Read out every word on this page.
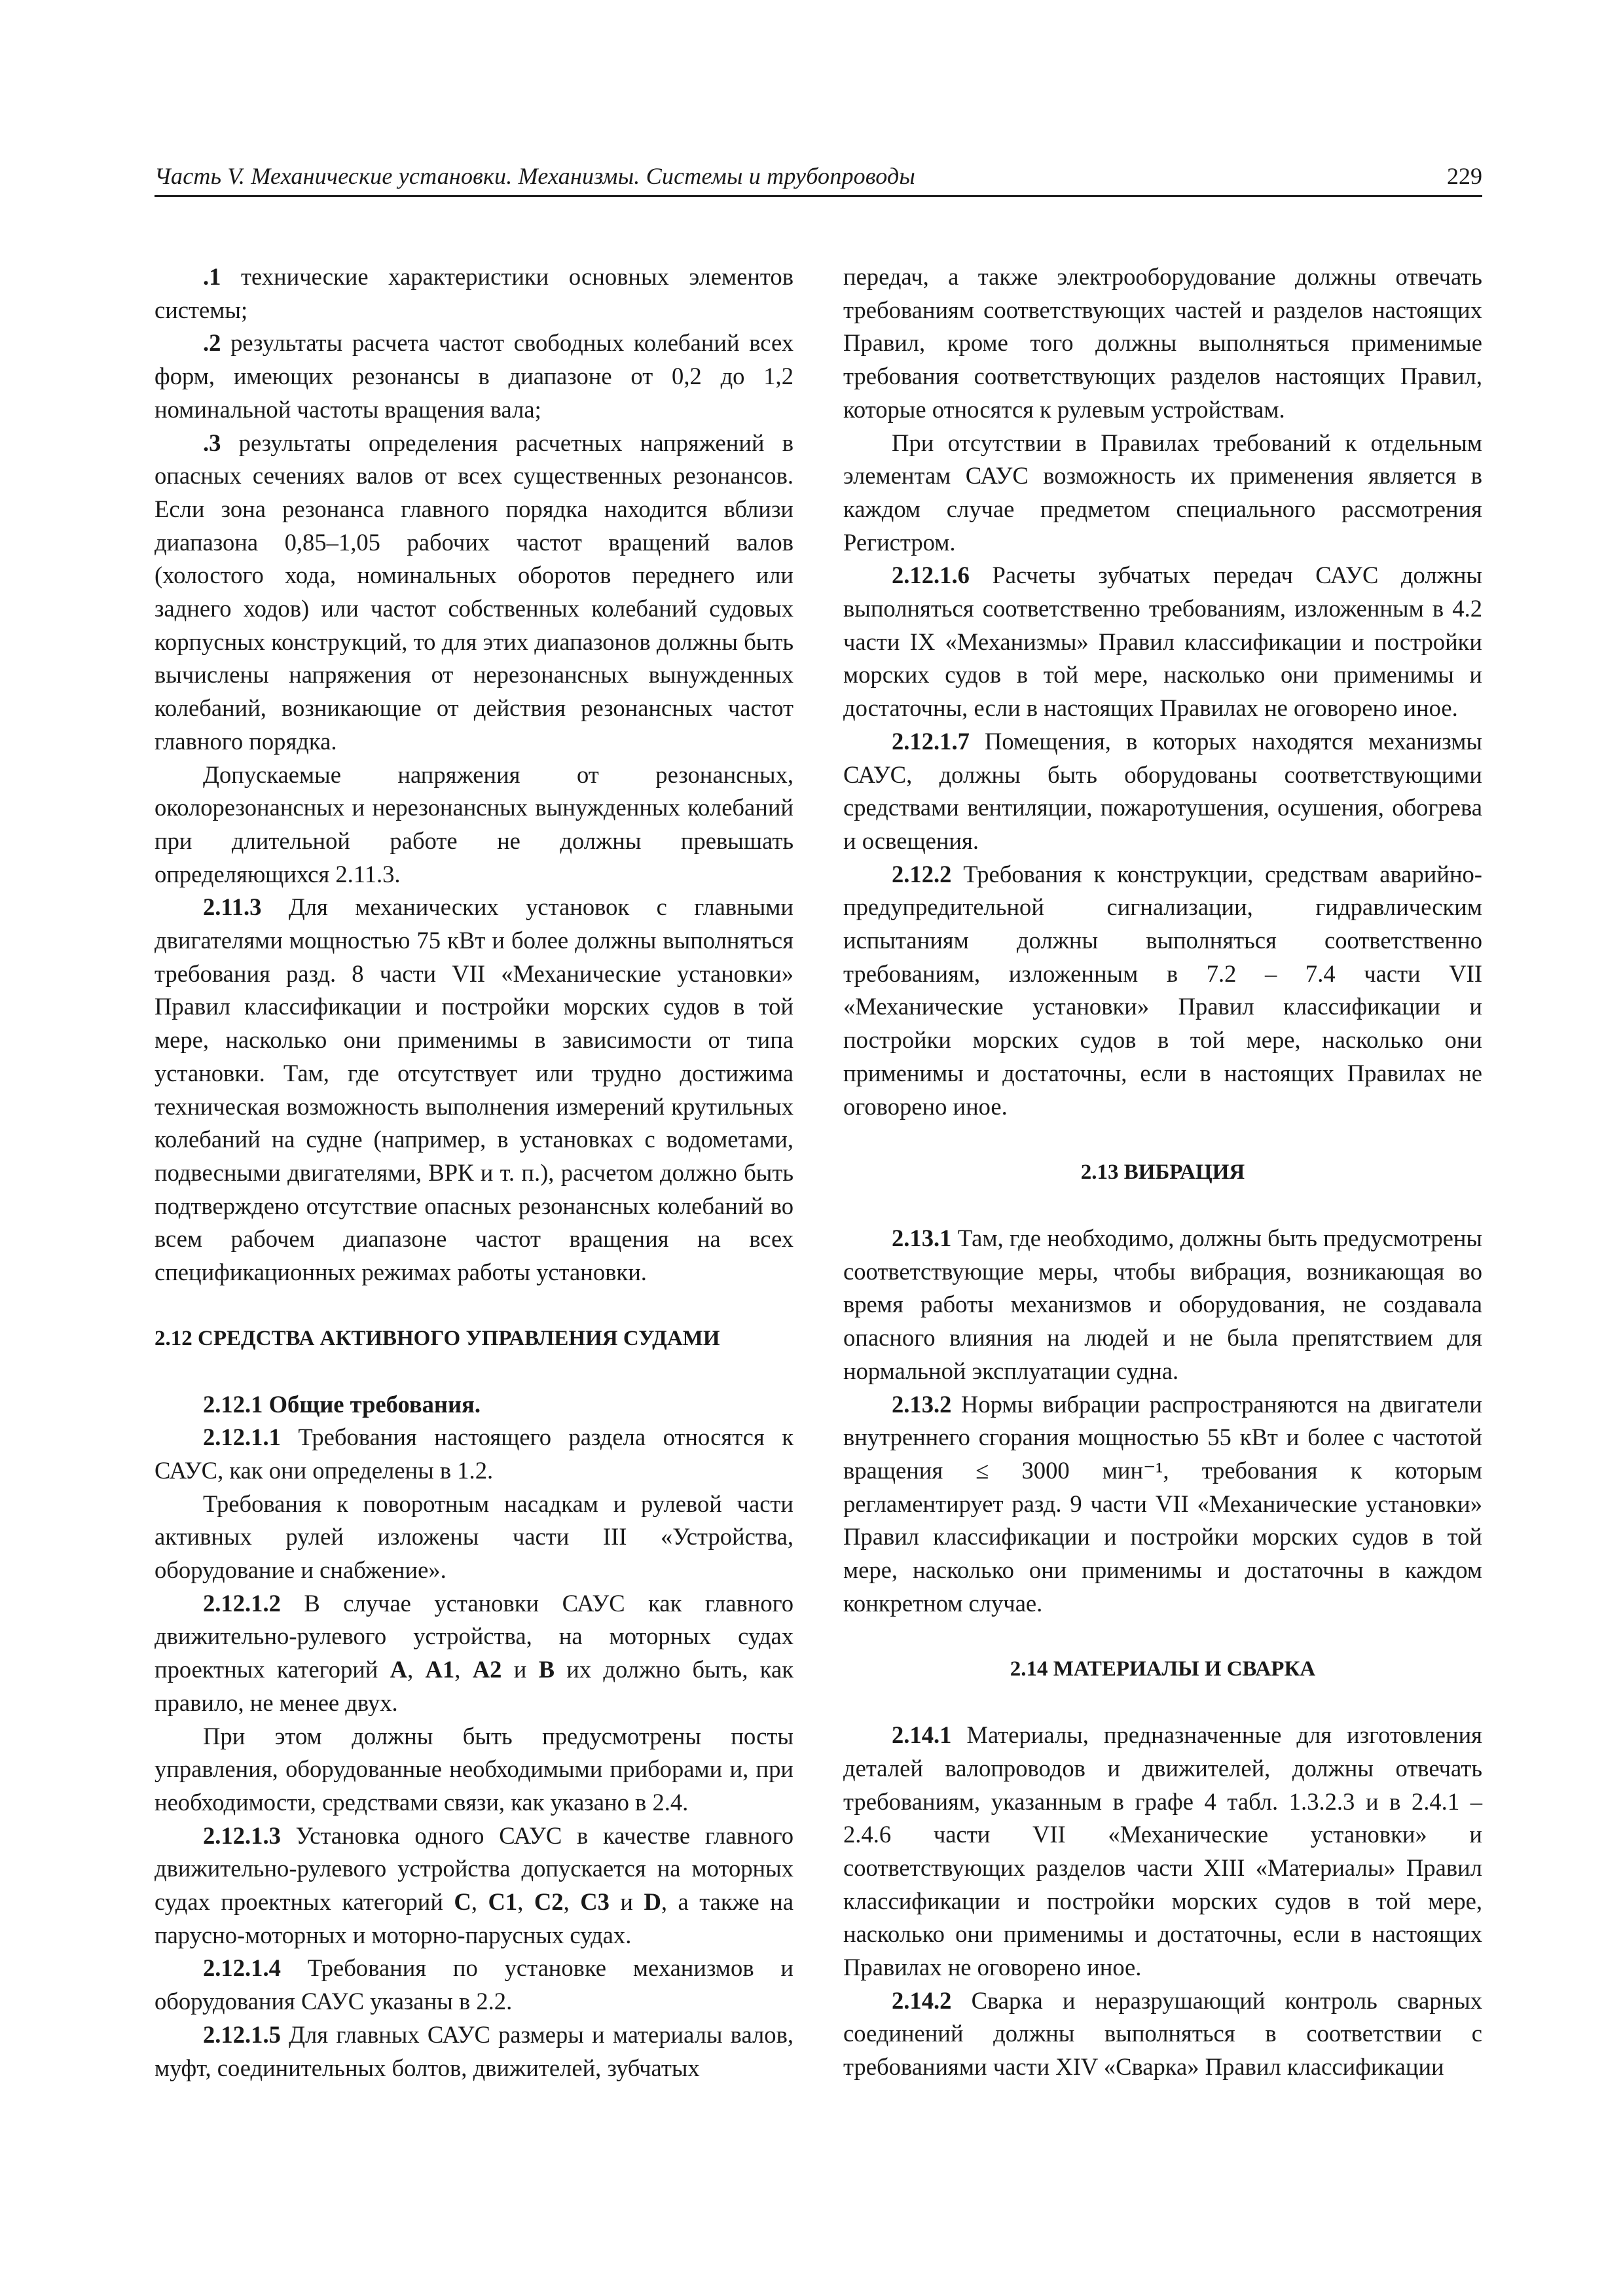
Часть V. Механические установки. Механизмы. Системы и трубопроводы	229

.1 технические характеристики основных элементов системы;

.2 результаты расчета частот свободных колебаний всех форм, имеющих резонансы в диапазоне от 0,2 до 1,2 номинальной частоты вращения вала;

.3 результаты определения расчетных напряжений в опасных сечениях валов от всех существенных резонансов. Если зона резонанса главного порядка находится вблизи диапазона 0,85–1,05 рабочих частот вращений валов (холостого хода, номинальных оборотов переднего или заднего ходов) или частот собственных колебаний судовых корпусных конструкций, то для этих диапазонов должны быть вычислены напряжения от нерезонансных вынужденных колебаний, возникающие от действия резонансных частот главного порядка.

Допускаемые напряжения от резонансных, околорезонансных и нерезонансных вынужденных колебаний при длительной работе не должны превышать определяющихся 2.11.3.

2.11.3 Для механических установок с главными двигателями мощностью 75 кВт и более должны выполняться требования разд. 8 части VII «Механические установки» Правил классификации и постройки морских судов в той мере, насколько они применимы в зависимости от типа установки. Там, где отсутствует или трудно достижима техническая возможность выполнения измерений крутильных колебаний на судне (например, в установках с водометами, подвесными двигателями, ВРК и т. п.), расчетом должно быть подтверждено отсутствие опасных резонансных колебаний во всем рабочем диапазоне частот вращения на всех спецификационных режимах работы установки.

2.12 СРЕДСТВА АКТИВНОГО УПРАВЛЕНИЯ СУДАМИ

2.12.1 Общие требования.

2.12.1.1 Требования настоящего раздела относятся к САУС, как они определены в 1.2.

Требования к поворотным насадкам и рулевой части активных рулей изложены части III «Устройства, оборудование и снабжение».

2.12.1.2 В случае установки САУС как главного движительно-рулевого устройства, на моторных судах проектных категорий A, A1, A2 и B их должно быть, как правило, не менее двух.

При этом должны быть предусмотрены посты управления, оборудованные необходимыми приборами и, при необходимости, средствами связи, как указано в 2.4.

2.12.1.3 Установка одного САУС в качестве главного движительно-рулевого устройства допускается на моторных судах проектных категорий C, C1, C2, C3 и D, а также на парусно-моторных и моторно-парусных судах.

2.12.1.4 Требования по установке механизмов и оборудования САУС указаны в 2.2.

2.12.1.5 Для главных САУС размеры и материалы валов, муфт, соединительных болтов, движителей, зубчатых

передач, а также электрооборудование должны отвечать требованиям соответствующих частей и разделов настоящих Правил, кроме того должны выполняться применимые требования соответствующих разделов настоящих Правил, которые относятся к рулевым устройствам.

При отсутствии в Правилах требований к отдельным элементам САУС возможность их применения является в каждом случае предметом специального рассмотрения Регистром.

2.12.1.6 Расчеты зубчатых передач САУС должны выполняться соответственно требованиям, изложенным в 4.2 части IX «Механизмы» Правил классификации и постройки морских судов в той мере, насколько они применимы и достаточны, если в настоящих Правилах не оговорено иное.

2.12.1.7 Помещения, в которых находятся механизмы САУС, должны быть оборудованы соответствующими средствами вентиляции, пожаротушения, осушения, обогрева и освещения.

2.12.2 Требования к конструкции, средствам аварийно-предупредительной сигнализации, гидравлическим испытаниям должны выполняться соответственно требованиям, изложенным в 7.2 – 7.4 части VII «Механические установки» Правил классификации и постройки морских судов в той мере, насколько они применимы и достаточны, если в настоящих Правилах не оговорено иное.

2.13 ВИБРАЦИЯ

2.13.1 Там, где необходимо, должны быть предусмотрены соответствующие меры, чтобы вибрация, возникающая во время работы механизмов и оборудования, не создавала опасного влияния на людей и не была препятствием для нормальной эксплуатации судна.

2.13.2 Нормы вибрации распространяются на двигатели внутреннего сгорания мощностью 55 кВт и более с частотой вращения ≤ 3000 мин⁻¹, требования к которым регламентирует разд. 9 части VII «Механические установки» Правил классификации и постройки морских судов в той мере, насколько они применимы и достаточны в каждом конкретном случае.

2.14 МАТЕРИАЛЫ И СВАРКА

2.14.1 Материалы, предназначенные для изготовления деталей валопроводов и движителей, должны отвечать требованиям, указанным в графе 4 табл. 1.3.2.3 и в 2.4.1 – 2.4.6 части VII «Механические установки» и соответствующих разделов части XIII «Материалы» Правил классификации и постройки морских судов в той мере, насколько они применимы и достаточны, если в настоящих Правилах не оговорено иное.

2.14.2 Сварка и неразрушающий контроль сварных соединений должны выполняться в соответствии с требованиями части XIV «Сварка» Правил классификации
